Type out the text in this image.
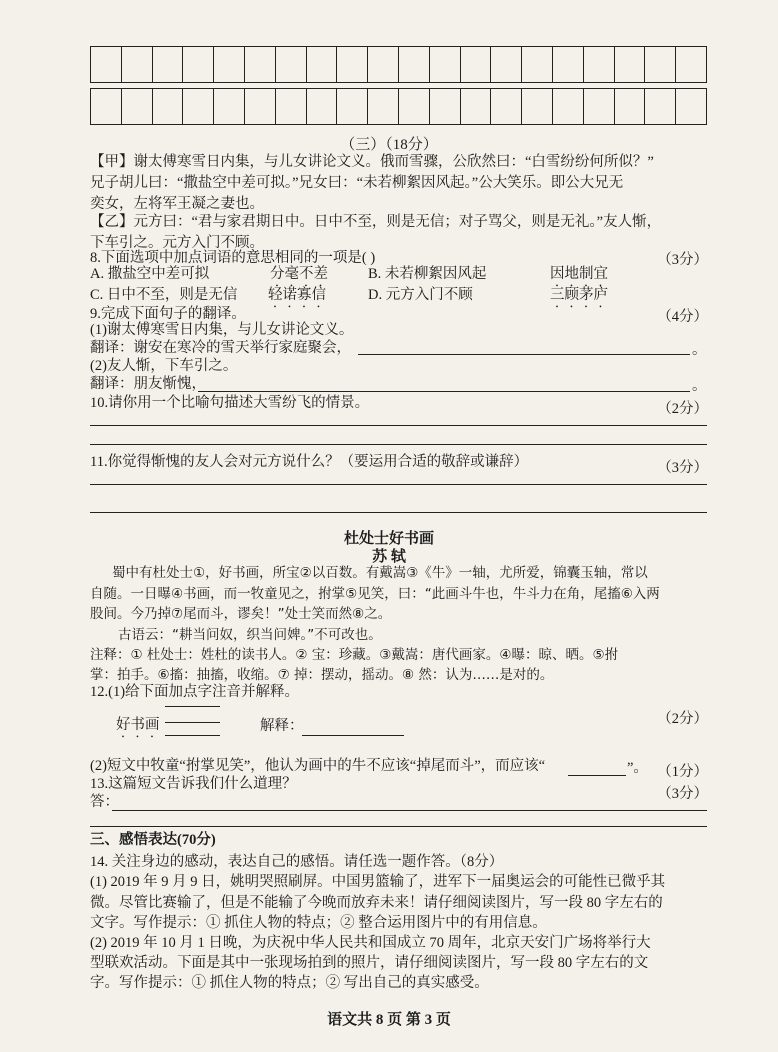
（三）（18分）
【甲】谢太傅寒雪日内集，与儿女讲论文义。俄而雪骤，公欣然曰：“白雪纷纷何所似？”
兄子胡儿曰：“撒盐空中差可拟。”兄女曰：“未若柳絮因风起。”公大笑乐。即公大兄无
奕女，左将军王凝之妻也。
【乙】元方曰：“君与家君期日中。日中不至，则是无信；对子骂父，则是无礼。”友人惭，
下车引之。元方入门不顾。
8.下面选项中加点词语的意思相同的一项是( )	（3分）
A. 撒盐空中差可拟	分毫不差	B. 未若柳絮因风起	因地制宜
C. 日中不至，则是无信 轻诺寡信	D. 元方入门不顾	三顾茅庐
9.完成下面句子的翻译。	（4分）
(1)谢太傅寒雪日内集，与儿女讲论文义。
翻译：谢安在寒冷的雪天举行家庭聚会，	。
(2)友人惭，下车引之。
翻译：朋友惭愧，	。
10.请你用一个比喻句描述大雪纷飞的情景。	（2分）
11.你觉得惭愧的友人会对元方说什么？（要运用合适的敬辞或谦辞）	（3分）
杜处士好书画
苏 轼
蜀中有杜处士①，好书画，所宝②以百数。有戴嵩③《牛》一轴，尤所爱，锦囊玉轴，常以
自随。一日曝④书画，而一牧童见之，拊掌⑤见笑，曰：“此画斗牛也，牛斗力在角，尾搐⑥入两
股间。今乃掉⑦尾而斗，谬矣！”处士笑而然⑧之。
古语云：“耕当问奴，织当问婢。”不可改也。
注释：① 杜处士：姓杜的读书人。② 宝：珍藏。③戴嵩：唐代画家。④曝：晾、晒。⑤拊
掌：拍手。⑥搐：抽搐，收缩。⑦ 掉：摆动，摇动。⑧ 然：认为……是对的。
12.(1)给下面加点字注音并解释。
（2分）
好书画	解释：
(2)短文中牧童“拊掌见笑”，他认为画中的牛不应该“掉尾而斗”，而应该“	”。 （1分）
13.这篇短文告诉我们什么道理？
（3分）
答：
三、感悟表达(70分)
14. 关注身边的感动，表达自己的感悟。请任选一题作答。（8分）
(1) 2019 年 9 月 9 日，姚明哭照刷屏。中国男篮输了，进军下一届奥运会的可能性已微乎其
微。尽管比赛输了，但是不能输了今晚而放弃未来！请仔细阅读图片，写一段 80 字左右的
文字。写作提示：① 抓住人物的特点；② 整合运用图片中的有用信息。
(2) 2019 年 10 月 1 日晚，为庆祝中华人民共和国成立 70 周年，北京天安门广场将举行大
型联欢活动。下面是其中一张现场拍到的照片，请仔细阅读图片，写一段 80 字左右的文
字。写作提示：① 抓住人物的特点；② 写出自己的真实感受。
语文共 8 页 第 3 页
